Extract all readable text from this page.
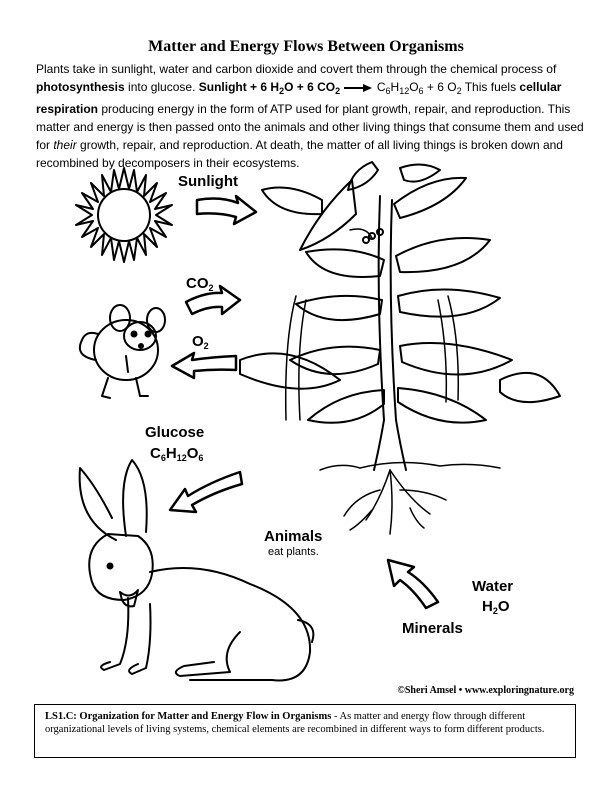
Matter and Energy Flows Between Organisms

Plants take in sunlight, water and carbon dioxide and covert them through the chemical process of photosynthesis into glucose. Sunlight + 6 $H_2O + 6$ $CO_2$	$C_6H_{12}O_6 + 6$ $O_2$ This fuels cellular respiration producing energy in the form of ATP used for plant growth, repair, and reproduction. This matter and energy is then passed onto the animals and other living things that consume them and used for their growth, repair, and reproduction. At death, the matter of all living things is broken down and recombined by decomposers in their ecosystems.

Sunlight
$CO_2$
$O_2$
Glucose
$C_6H_{12}O_6$
Animals
eat plants.
Water
$H_2O$
Minerals
©Sheri Amsel • www.exploringnature.org
LS1.C: Organization for Matter and Energy Flow in Organisms - As matter and energy flow through different organizational levels of living systems, chemical elements are recombined in different ways to form different products.
